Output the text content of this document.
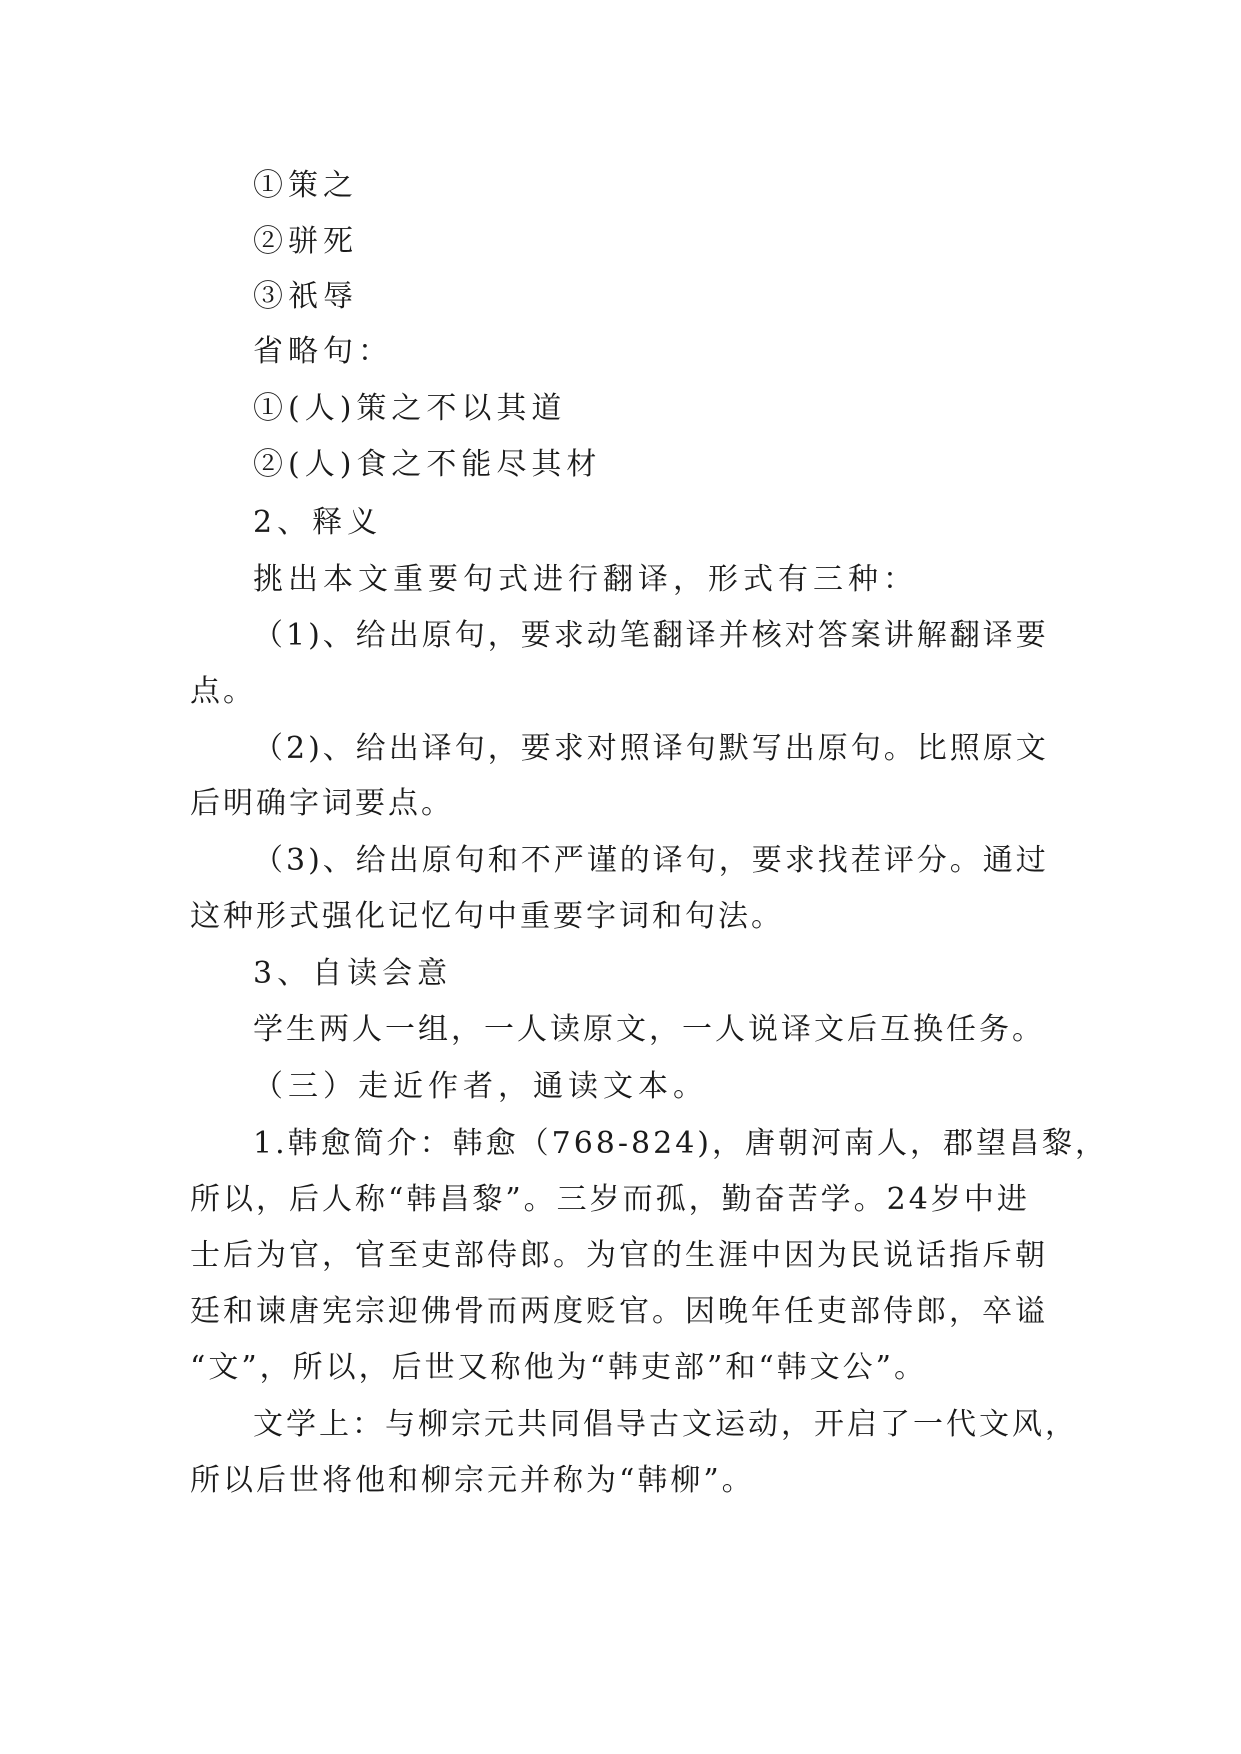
①策之
②骈死
③祇辱
省略句：
①(人)策之不以其道
②(人)食之不能尽其材
2、释义
挑出本文重要句式进行翻译，形式有三种：
（1)、给出原句，要求动笔翻译并核对答案讲解翻译要
点。
（2)、给出译句，要求对照译句默写出原句。比照原文
后明确字词要点。
（3)、给出原句和不严谨的译句，要求找茬评分。通过
这种形式强化记忆句中重要字词和句法。
3、自读会意
学生两人一组，一人读原文，一人说译文后互换任务。
（三）走近作者，通读文本。
1.韩愈简介：韩愈（768-824)，唐朝河南人，郡望昌黎，
所以，后人称“韩昌黎”。三岁而孤，勤奋苦学。24岁中进
士后为官，官至吏部侍郎。为官的生涯中因为民说话指斥朝
廷和谏唐宪宗迎佛骨而两度贬官。因晚年任吏部侍郎，卒谥
“文”，所以，后世又称他为“韩吏部”和“韩文公”。
文学上：与柳宗元共同倡导古文运动，开启了一代文风，
所以后世将他和柳宗元并称为“韩柳”。
